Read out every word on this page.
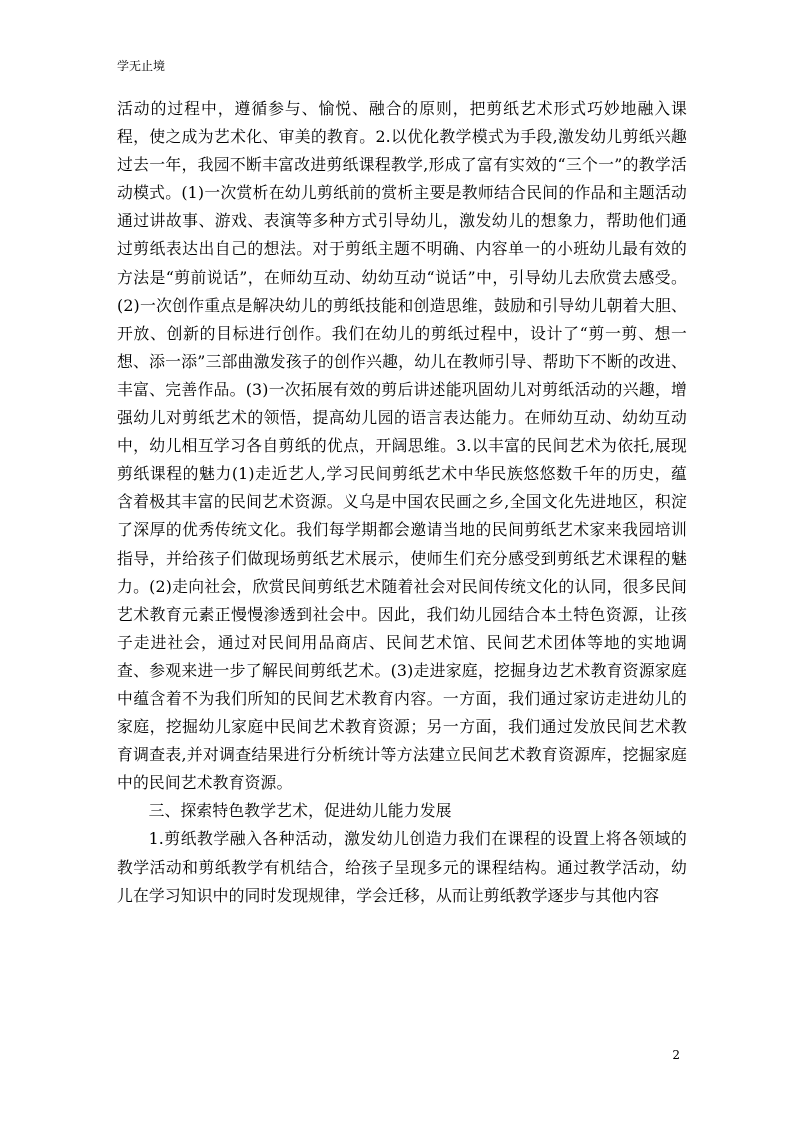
学无止境

活动的过程中，遵循参与、愉悦、融合的原则，把剪纸艺术形式巧妙地融入课程，使之成为艺术化、审美的教育。2.以优化教学模式为手段,激发幼儿剪纸兴趣过去一年，我园不断丰富改进剪纸课程教学,形成了富有实效的“三个一”的教学活动模式。(1)一次赏析在幼儿剪纸前的赏析主要是教师结合民间的作品和主题活动通过讲故事、游戏、表演等多种方式引导幼儿，激发幼儿的想象力，帮助他们通过剪纸表达出自己的想法。对于剪纸主题不明确、内容单一的小班幼儿最有效的方法是“剪前说话”，在师幼互动、幼幼互动“说话”中，引导幼儿去欣赏去感受。(2)一次创作重点是解决幼儿的剪纸技能和创造思维，鼓励和引导幼儿朝着大胆、开放、创新的目标进行创作。我们在幼儿的剪纸过程中，设计了“剪一剪、想一想、添一添”三部曲激发孩子的创作兴趣，幼儿在教师引导、帮助下不断的改进、丰富、完善作品。(3)一次拓展有效的剪后讲述能巩固幼儿对剪纸活动的兴趣，增强幼儿对剪纸艺术的领悟，提高幼儿园的语言表达能力。在师幼互动、幼幼互动中，幼儿相互学习各自剪纸的优点，开阔思维。3.以丰富的民间艺术为依托,展现剪纸课程的魅力(1)走近艺人,学习民间剪纸艺术中华民族悠悠数千年的历史，蕴含着极其丰富的民间艺术资源。义乌是中国农民画之乡,全国文化先进地区，积淀了深厚的优秀传统文化。我们每学期都会邀请当地的民间剪纸艺术家来我园培训指导，并给孩子们做现场剪纸艺术展示，使师生们充分感受到剪纸艺术课程的魅力。(2)走向社会，欣赏民间剪纸艺术随着社会对民间传统文化的认同，很多民间艺术教育元素正慢慢渗透到社会中。因此，我们幼儿园结合本土特色资源，让孩子走进社会，通过对民间用品商店、民间艺术馆、民间艺术团体等地的实地调查、参观来进一步了解民间剪纸艺术。(3)走进家庭，挖掘身边艺术教育资源家庭中蕴含着不为我们所知的民间艺术教育内容。一方面，我们通过家访走进幼儿的家庭，挖掘幼儿家庭中民间艺术教育资源；另一方面，我们通过发放民间艺术教育调查表,并对调查结果进行分析统计等方法建立民间艺术教育资源库，挖掘家庭中的民间艺术教育资源。

三、探索特色教学艺术，促进幼儿能力发展

1.剪纸教学融入各种活动，激发幼儿创造力我们在课程的设置上将各领域的教学活动和剪纸教学有机结合，给孩子呈现多元的课程结构。通过教学活动，幼儿在学习知识中的同时发现规律，学会迁移，从而让剪纸教学逐步与其他内容

2
